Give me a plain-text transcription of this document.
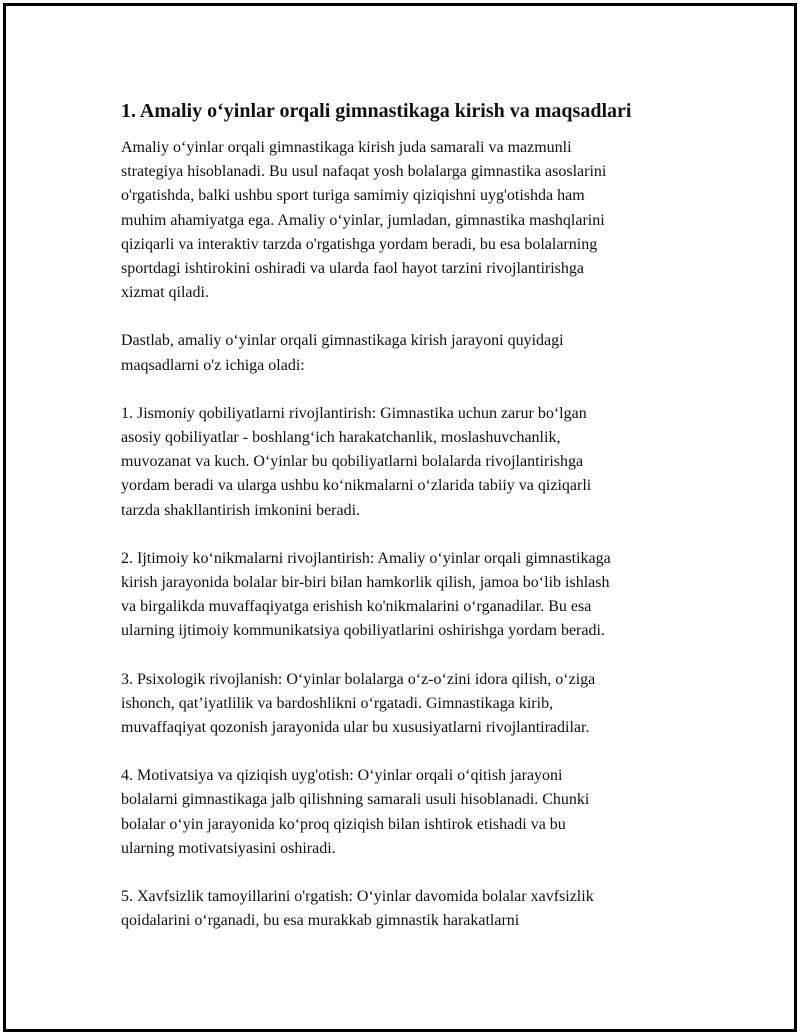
1. Amaliy o‘yinlar orqali gimnastikaga kirish va maqsadlari

Amaliy o‘yinlar orqali gimnastikaga kirish juda samarali va mazmunli
strategiya hisoblanadi. Bu usul nafaqat yosh bolalarga gimnastika asoslarini
o'rgatishda, balki ushbu sport turiga samimiy qiziqishni uyg'otishda ham
muhim ahamiyatga ega. Amaliy o‘yinlar, jumladan, gimnastika mashqlarini
qiziqarli va interaktiv tarzda o'rgatishga yordam beradi, bu esa bolalarning
sportdagi ishtirokini oshiradi va ularda faol hayot tarzini rivojlantirishga
xizmat qiladi.

Dastlab, amaliy o‘yinlar orqali gimnastikaga kirish jarayoni quyidagi
maqsadlarni o'z ichiga oladi:

1. Jismoniy qobiliyatlarni rivojlantirish: Gimnastika uchun zarur bo‘lgan
asosiy qobiliyatlar - boshlang‘ich harakatchanlik, moslashuvchanlik,
muvozanat va kuch. O‘yinlar bu qobiliyatlarni bolalarda rivojlantirishga
yordam beradi va ularga ushbu ko‘nikmalarni o‘zlarida tabiiy va qiziqarli
tarzda shakllantirish imkonini beradi.

2. Ijtimoiy ko‘nikmalarni rivojlantirish: Amaliy o‘yinlar orqali gimnastikaga
kirish jarayonida bolalar bir-biri bilan hamkorlik qilish, jamoa bo‘lib ishlash
va birgalikda muvaffaqiyatga erishish ko'nikmalarini o‘rganadilar. Bu esa
ularning ijtimoiy kommunikatsiya qobiliyatlarini oshirishga yordam beradi.

3. Psixologik rivojlanish: O‘yinlar bolalarga o‘z-o‘zini idora qilish, o‘ziga
ishonch, qat’iyatlilik va bardoshlikni o‘rgatadi. Gimnastikaga kirib,
muvaffaqiyat qozonish jarayonida ular bu xususiyatlarni rivojlantiradilar.

4. Motivatsiya va qiziqish uyg'otish: O‘yinlar orqali o‘qitish jarayoni
bolalarni gimnastikaga jalb qilishning samarali usuli hisoblanadi. Chunki
bolalar o‘yin jarayonida ko‘proq qiziqish bilan ishtirok etishadi va bu
ularning motivatsiyasini oshiradi.

5. Xavfsizlik tamoyillarini o'rgatish: O‘yinlar davomida bolalar xavfsizlik
qoidalarini o‘rganadi, bu esa murakkab gimnastik harakatlarni
